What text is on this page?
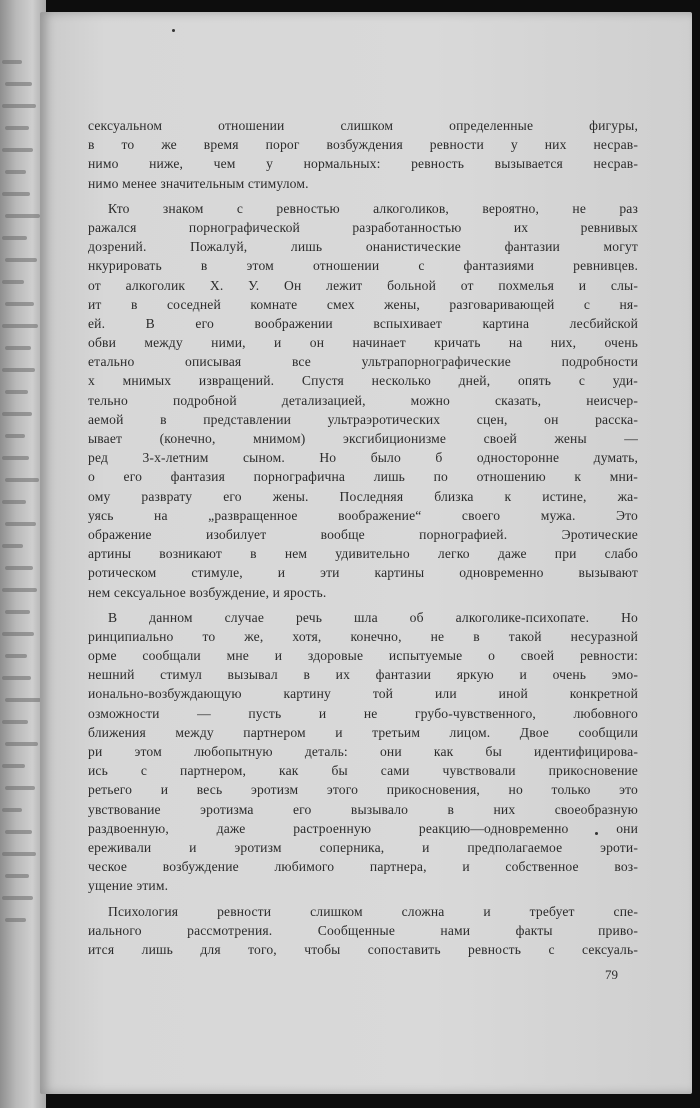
сексуальном отношении слишком определенные фигуры,
в то же время порог возбуждения ревности у них несрав-
нимо ниже, чем у нормальных: ревность вызывается несрав-
нимо менее значительным стимулом.
Кто знаком с ревностью алкоголиков, вероятно, не раз
ражался порнографической разработанностью их ревнивых
дозрений. Пожалуй, лишь онанистические фантазии могут
нкурировать в этом отношении с фантазиями ревнивцев.
от алкоголик Х. У. Он лежит больной от похмелья и слы-
ит в соседней комнате смех жены, разговаривающей с ня-
ей. В его воображении вспыхивает картина лесбийской
обви между ними, и он начинает кричать на них, очень
етально описывая все ультрапорнографические подробности
х мнимых извращений. Спустя несколько дней, опять с уди-
тельно подробной детализацией, можно сказать, неисчер-
аемой в представлении ультраэротических сцен, он расска-
ывает (конечно, мнимом) эксгибиционизме своей жены —
ред 3-х-летним сыном. Но было б односторонне думать,
о его фантазия порнографична лишь по отношению к мни-
ому разврату его жены. Последняя близка к истине, жа-
уясь на „развращенное воображение“ своего мужа. Это
ображение изобилует вообще порнографией. Эротические
артины возникают в нем удивительно легко даже при слабо
ротическом стимуле, и эти картины одновременно вызывают
нем сексуальное возбуждение, и ярость.
В данном случае речь шла об алкоголике-психопате. Но
ринципиально то же, хотя, конечно, не в такой несуразной
орме сообщали мне и здоровые испытуемые о своей ревности:
нешний стимул вызывал в их фантазии яркую и очень эмо-
ионально-возбуждающую картину той или иной конкретной
озможности — пусть и не грубо-чувственного, любовного
ближения между партнером и третьим лицом. Двое сообщили
ри этом любопытную деталь: они как бы идентифицирова-
ись с партнером, как бы сами чувствовали прикосновение
ретьего и весь эротизм этого прикосновения, но только это
увствование эротизма его вызывало в них своеобразную
раздвоенную, даже растроенную реакцию—одновременно они
ереживали и эротизм соперника, и предполагаемое эроти-
ческое возбуждение любимого партнера, и собственное воз-
ущение этим.
Психология ревности слишком сложна и требует спе-
иального рассмотрения. Сообщенные нами факты приво-
ится лишь для того, чтобы сопоставить ревность с сексуаль-
79
